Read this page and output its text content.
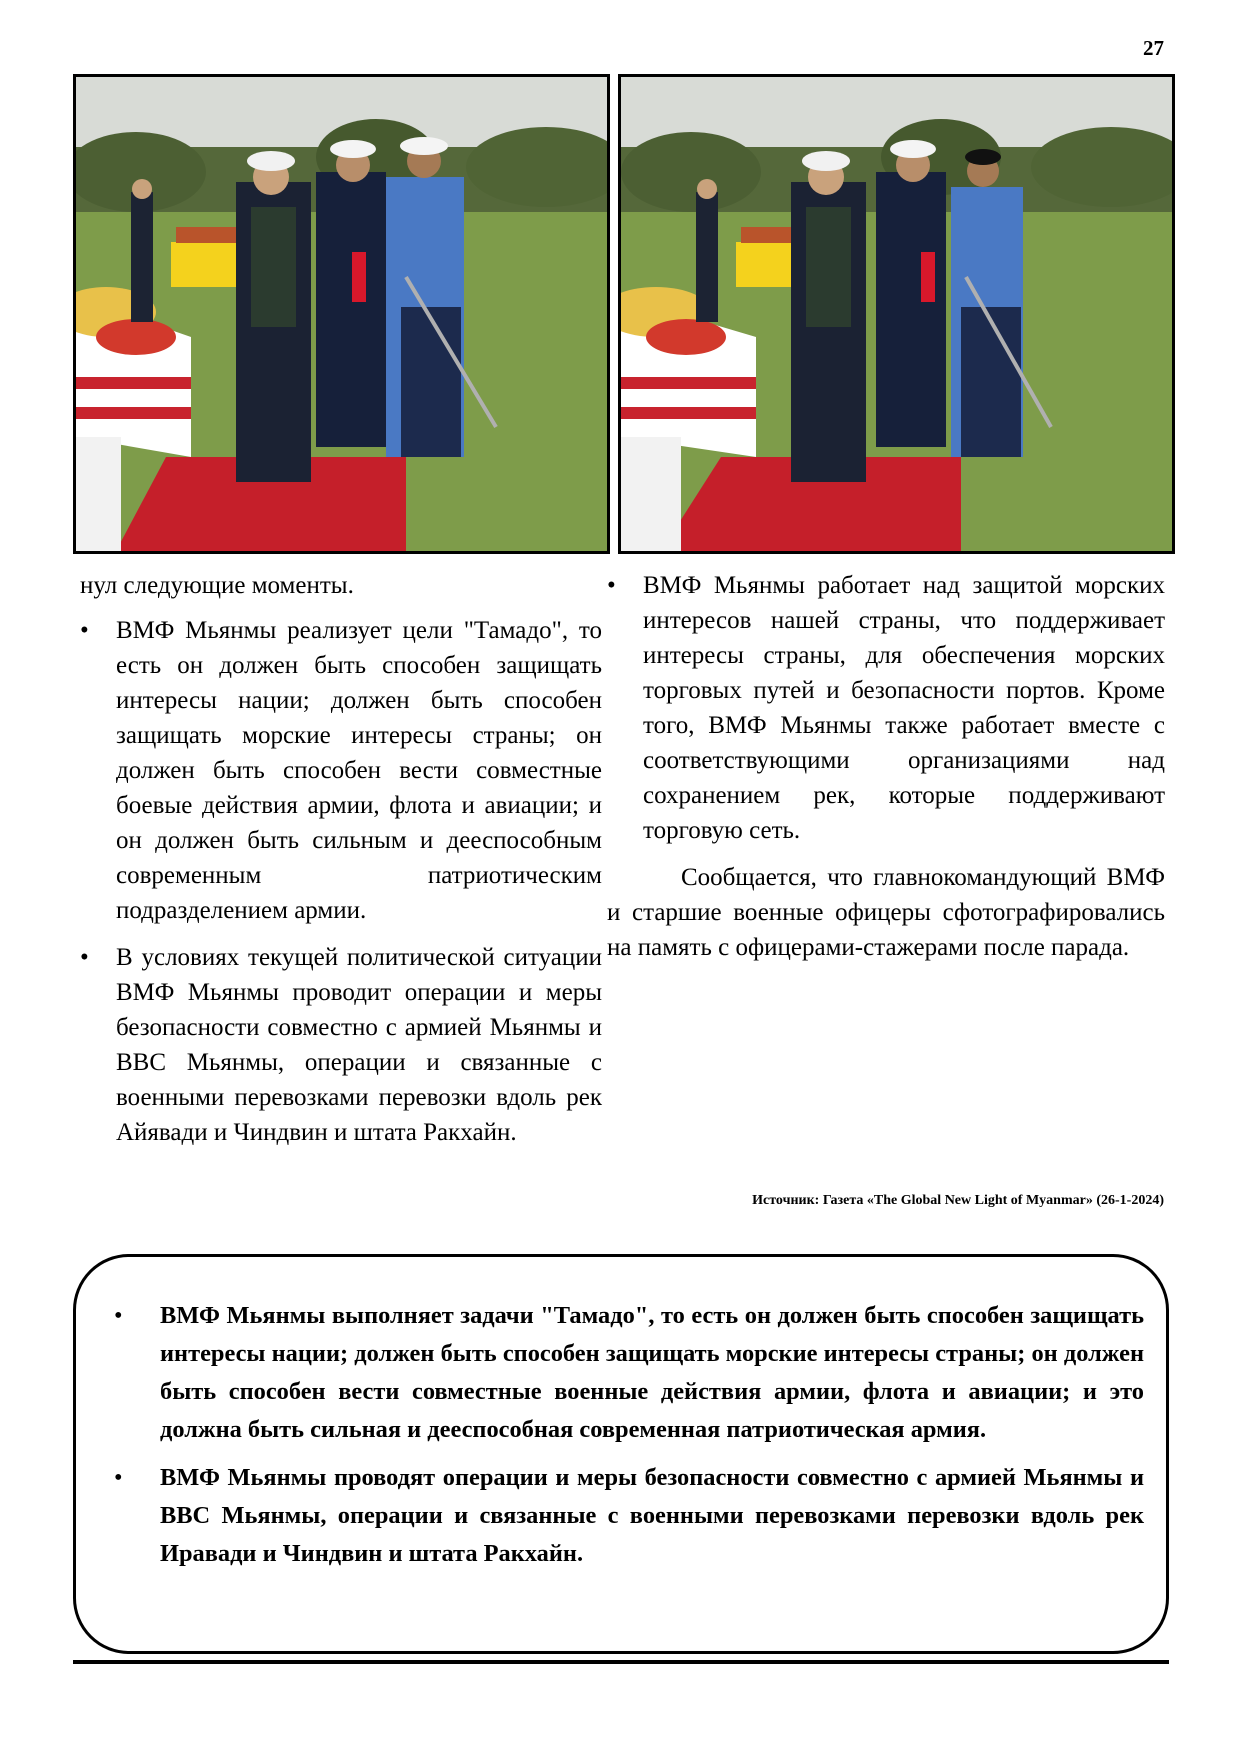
27

нул следующие моменты.

• ВМФ Мьянмы реализует цели "Тамадо", то есть он должен быть способен защищать интересы нации; должен быть способен защищать морские интересы страны; он должен быть способен вести совместные боевые действия армии, флота и авиации; и он должен быть сильным и дееспособным современным патриотическим подразделением армии.
• В условиях текущей политической ситуации ВМФ Мьянмы проводит операции и меры безопасности совместно с армией Мьянмы и ВВС Мьянмы, операции и связанные с военными перевозками перевозки вдоль рек Айявади и Чиндвин и штата Ракхайн.
• ВМФ Мьянмы работает над защитой морских интересов нашей страны, что поддерживает интересы страны, для обеспечения морских торговых путей и безопасности портов. Кроме того, ВМФ Мьянмы также работает вместе с соответствующими организациями над сохранением рек, которые поддерживают торговую сеть.

Сообщается, что главнокомандующий ВМФ и старшие военные офицеры сфотографировались на память с офицерами-стажерами после парада.

Источник: Газета «The Global New Light of Myanmar» (26-1-2024)
• ВМФ Мьянмы выполняет задачи "Тамадо", то есть он должен быть способен защищать интересы нации; должен быть способен защищать морские интересы страны; он должен быть способен вести совместные военные действия армии, флота и авиации; и это должна быть сильная и дееспособная современная патриотическая армия.
• ВМФ Мьянмы проводят операции и меры безопасности совместно с армией Мьянмы и ВВС Мьянмы, операции и связанные с военными перевозками перевозки вдоль рек Иравади и Чиндвин и штата Ракхайн.
